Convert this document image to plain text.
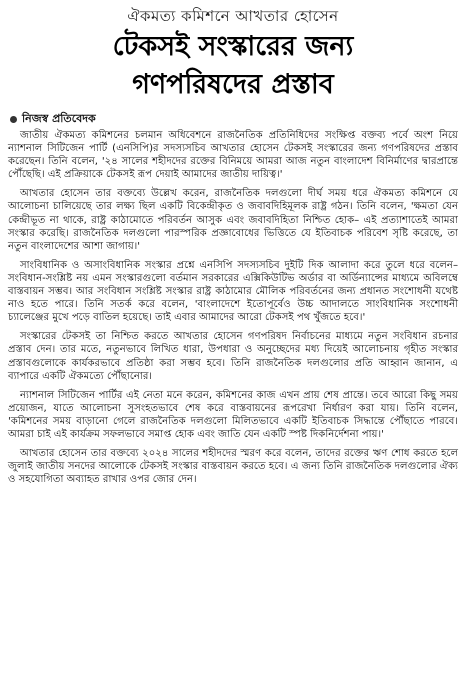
ঐকমত্য কমিশনে আখতার হোসেন
টেকসই সংস্কারের জন্য
গণপরিষদের প্রস্তাব
নিজস্ব প্রতিবেদক

জাতীয় ঐকমত্য কমিশনের চলমান অধিবেশনে রাজনৈতিক প্রতিনিধিদের সংক্ষিপ্ত বক্তব্য পর্বে অংশ নিয়ে ন্যাশনাল সিটিজেন পার্টি (এনসিপি)র সদস্যসচিব আখতার হোসেন টেকসই সংস্কারের জন্য গণপরিষদের প্রস্তাব করেছেন। তিনি বলেন, '২৪ সালের শহীদদের রক্তের বিনিময়ে আমরা আজ নতুন বাংলাদেশ বিনির্মাণের দ্বারপ্রান্তে পৌঁছেছি। এই প্রক্রিয়াকে টেকসই রূপ দেয়াই আমাদের জাতীয় দায়িত্ব।'

আখতার হোসেন তার বক্তব্যে উল্লেখ করেন, রাজনৈতিক দলগুলো দীর্ঘ সময় ধরে ঐকমত্য কমিশনে যে আলোচনা চালিয়েছে তার লক্ষ্য ছিল একটি বিকেন্দ্রীকৃত ও জবাবদিহিমূলক রাষ্ট্র গঠন। তিনি বলেন, 'ক্ষমতা যেন কেন্দ্রীভূত না থাকে, রাষ্ট্র কাঠামোতে পরিবর্তন আসুক এবং জবাবদিহিতা নিশ্চিত হোক– এই প্রত্যাশাতেই আমরা সংস্কার করেছি। রাজনৈতিক দলগুলো পারস্পরিক প্রজ্ঞাবোধের ভিত্তিতে যে ইতিবাচক পরিবেশ সৃষ্টি করেছে, তা নতুন বাংলাদেশের আশা জাগায়।'

সাংবিধানিক ও অসাংবিধানিক সংস্কার প্রশ্নে এনসিপি সদস্যসচিব দুইটি দিক আলাদা করে তুলে ধরে বলেন– সংবিধান-সংশ্লিষ্ট নয় এমন সংস্কারগুলো বর্তমান সরকারের এক্সিকিউটিভ অর্ডার বা অর্ডিন্যান্সের মাধ্যমে অবিলম্বে বাস্তবায়ন সম্ভব। আর সংবিধান সংশ্লিষ্ট সংস্কার রাষ্ট্র কাঠামোর মৌলিক পরিবর্তনের জন্য প্রধানত সংশোধনী যথেষ্ট নাও হতে পারে। তিনি সতর্ক করে বলেন, 'বাংলাদেশে ইতোপূর্বেও উচ্চ আদালতে সাংবিধানিক সংশোধনী চ্যালেঞ্জের মুখে পড়ে বাতিল হয়েছে। তাই এবার আমাদের আরো টেকসই পথ খুঁজতে হবে।'

সংস্কারের টেকসই তা নিশ্চিত করতে আখতার হোসেন গণপরিষদ নির্বাচনের মাধ্যমে নতুন সংবিধান রচনার প্রস্তাব দেন। তার মতে, নতুনভাবে লিখিত ধারা, উপধারা ও অনুচ্ছেদের মধ্য দিয়েই আলোচনায় গৃহীত সংস্কার প্রস্তাবগুলোকে কার্যকরভাবে প্রতিষ্ঠা করা সম্ভব হবে। তিনি রাজনৈতিক দলগুলোর প্রতি আহ্বান জানান, এ ব্যাপারে একটি ঐকমত্যে পৌঁছানোর।

ন্যাশনাল সিটিজেন পার্টির এই নেতা মনে করেন, কমিশনের কাজ এখন প্রায় শেষ প্রান্তে। তবে আরো কিছু সময় প্রয়োজন, যাতে আলোচনা সুসংহতভাবে শেষ করে বাস্তবায়নের রূপরেখা নির্ধারণ করা যায়। তিনি বলেন, 'কমিশনের সময় বাড়ানো গেলে রাজনৈতিক দলগুলো মিলিতভাবে একটি ইতিবাচক সিদ্ধান্তে পৌঁছাতে পারবে। আমরা চাই এই কার্যক্রম সফলভাবে সমাপ্ত হোক এবং জাতি যেন একটি স্পষ্ট দিকনির্দেশনা পায়।'

আখতার হোসেন তার বক্তব্যে ২০২৪ সালের শহীদদের স্মরণ করে বলেন, তাদের রক্তের ঋণ শোধ করতে হলে জুলাই জাতীয় সনদের আলোকে টেকসই সংস্কার বাস্তবায়ন করতে হবে। এ জন্য তিনি রাজনৈতিক দলগুলোর ঐক্য ও সহযোগিতা অব্যাহত রাখার ওপর জোর দেন।
